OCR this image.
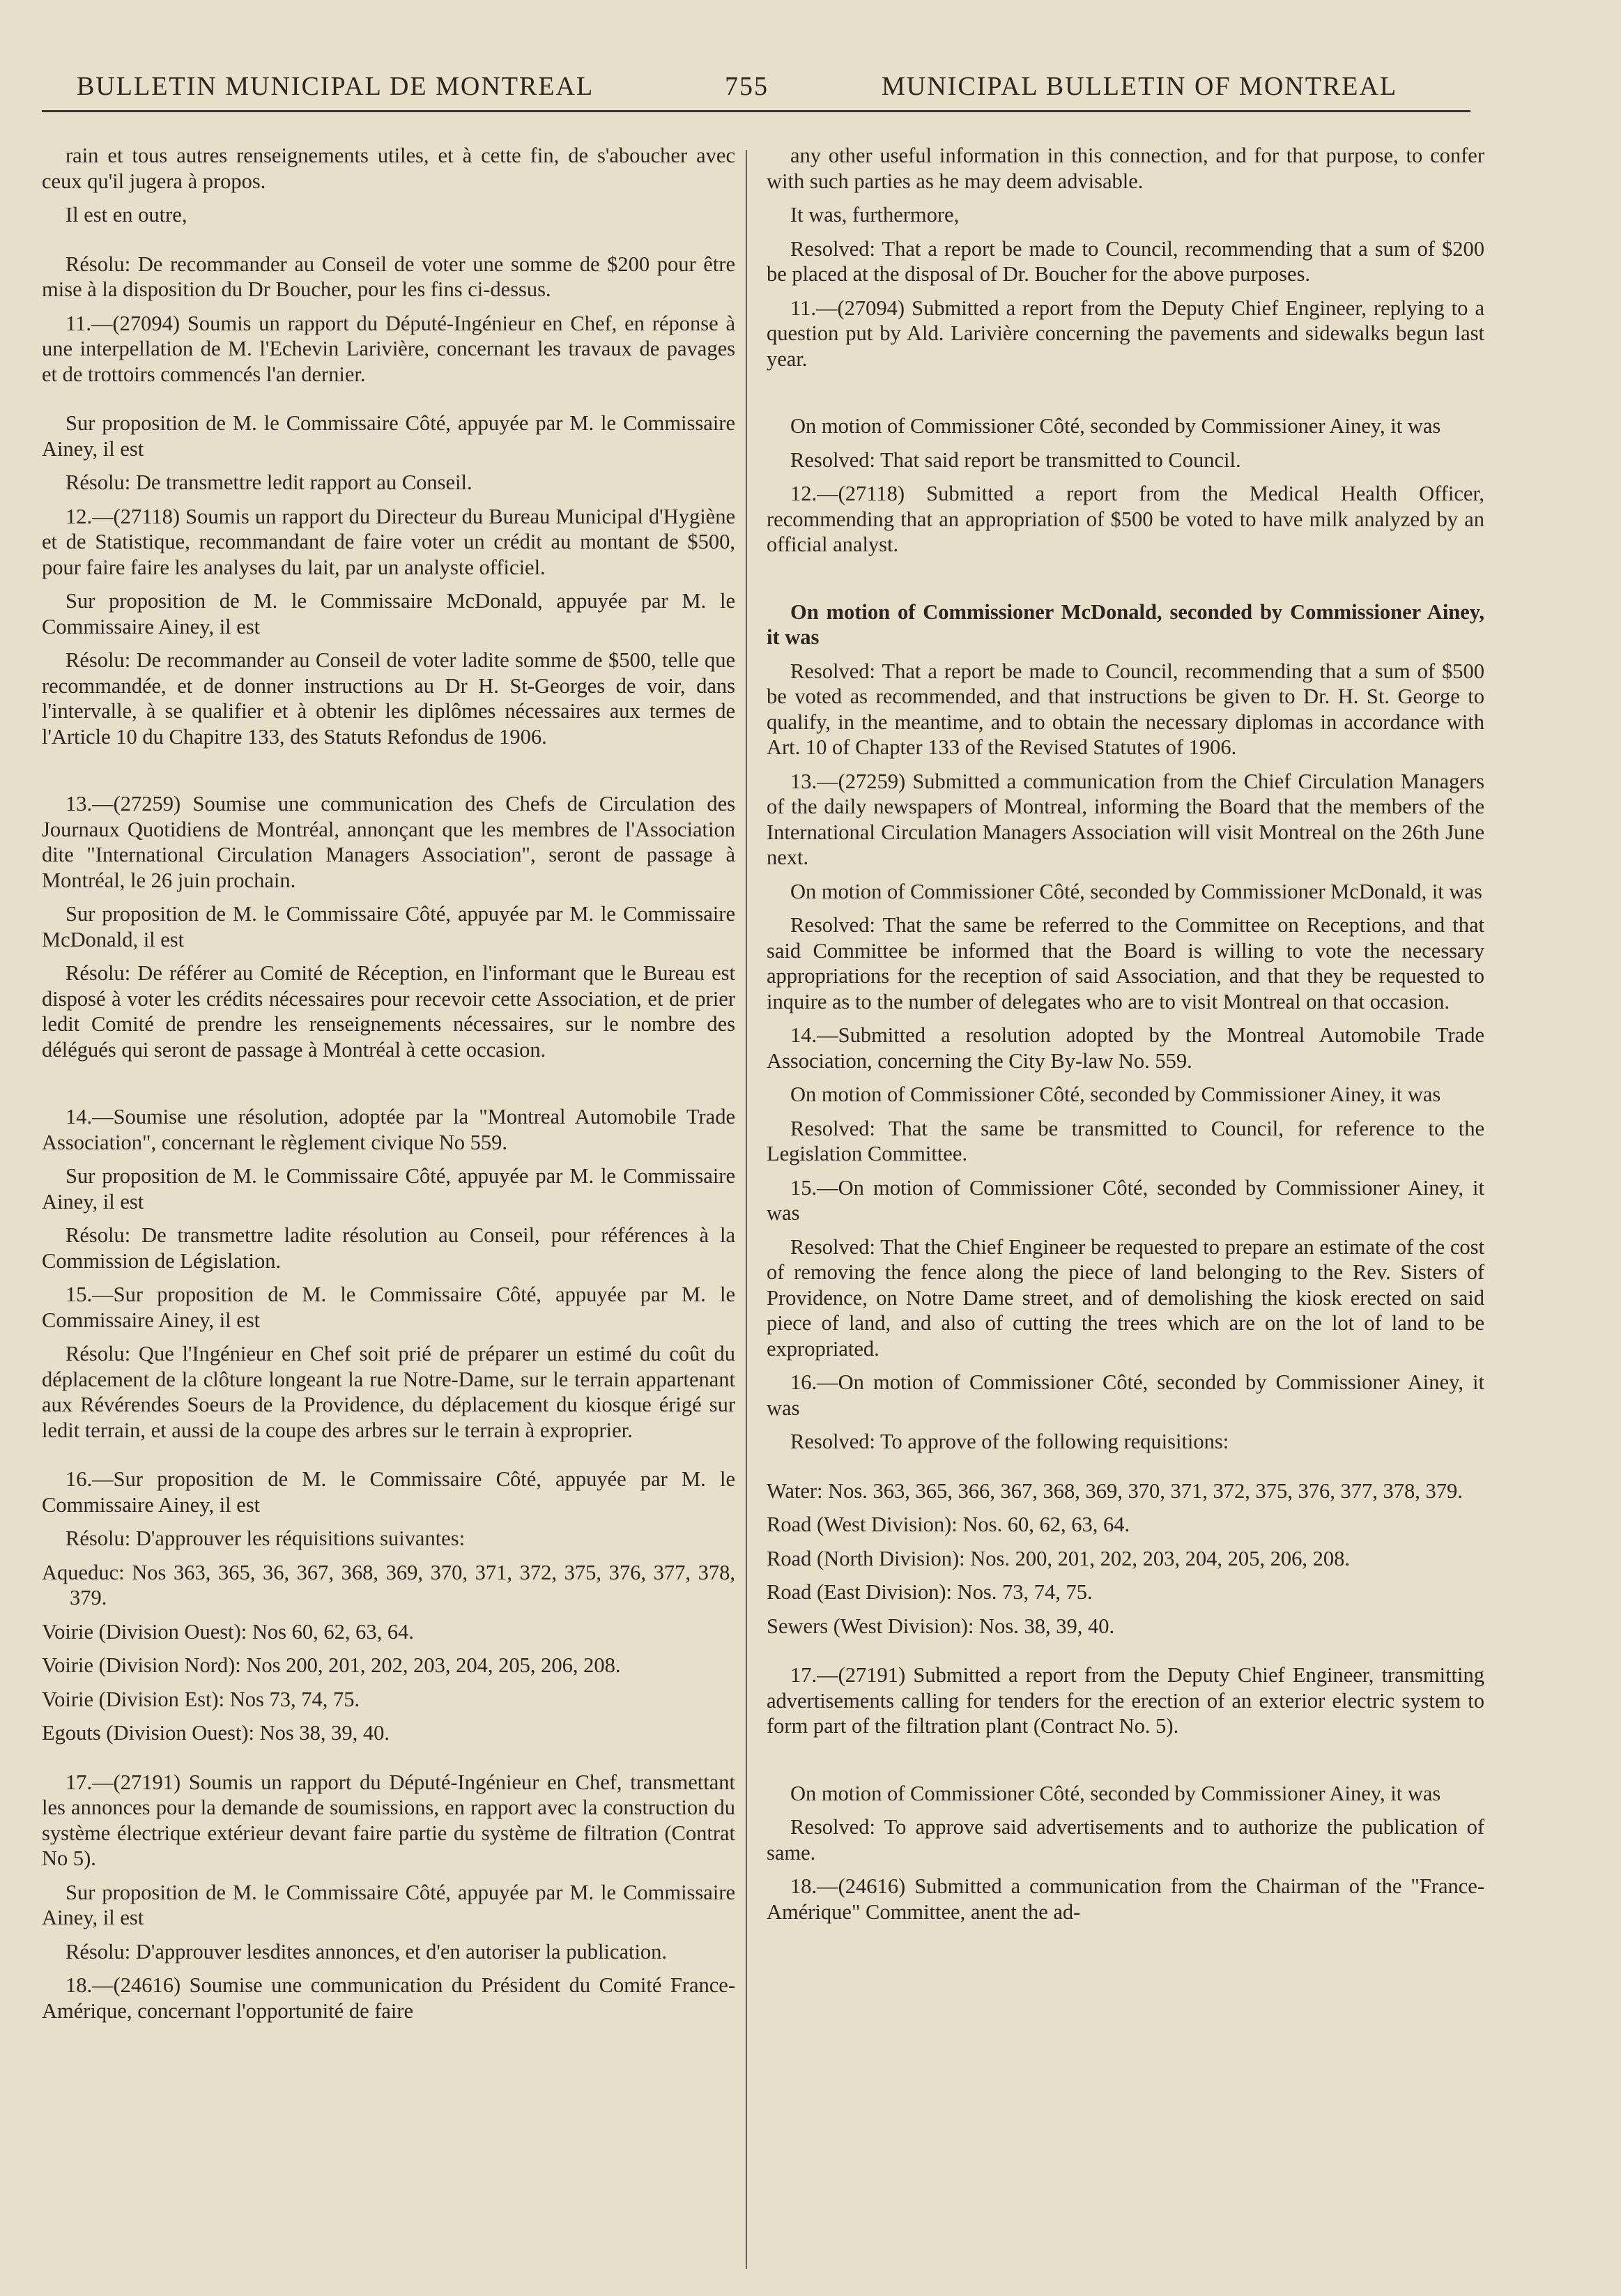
BULLETIN MUNICIPAL DE MONTREAL	755	MUNICIPAL BULLETIN OF MONTREAL

rain et tous autres renseignements utiles, et à cette fin, de s'aboucher avec ceux qu'il jugera à propos.

Il est en outre,

Résolu: De recommander au Conseil de voter une somme de $200 pour être mise à la disposition du Dr Boucher, pour les fins ci-dessus.

11.—(27094) Soumis un rapport du Député-Ingénieur en Chef, en réponse à une interpellation de M. l'Echevin Larivière, concernant les travaux de pavages et de trottoirs commencés l'an dernier.

Sur proposition de M. le Commissaire Côté, appuyée par M. le Commissaire Ainey, il est

Résolu: De transmettre ledit rapport au Conseil.

12.—(27118) Soumis un rapport du Directeur du Bureau Municipal d'Hygiène et de Statistique, recommandant de faire voter un crédit au montant de $500, pour faire faire les analyses du lait, par un analyste officiel.

Sur proposition de M. le Commissaire McDonald, appuyée par M. le Commissaire Ainey, il est

Résolu: De recommander au Conseil de voter ladite somme de $500, telle que recommandée, et de donner instructions au Dr H. St-Georges de voir, dans l'intervalle, à se qualifier et à obtenir les diplômes nécessaires aux termes de l'Article 10 du Chapitre 133, des Statuts Refondus de 1906.

13.—(27259) Soumise une communication des Chefs de Circulation des Journaux Quotidiens de Montréal, annonçant que les membres de l'Association dite "International Circulation Managers Association", seront de passage à Montréal, le 26 juin prochain.

Sur proposition de M. le Commissaire Côté, appuyée par M. le Commissaire McDonald, il est

Résolu: De référer au Comité de Réception, en l'informant que le Bureau est disposé à voter les crédits nécessaires pour recevoir cette Association, et de prier ledit Comité de prendre les renseignements nécessaires, sur le nombre des délégués qui seront de passage à Montréal à cette occasion.

14.—Soumise une résolution, adoptée par la "Montreal Automobile Trade Association", concernant le règlement civique No 559.

Sur proposition de M. le Commissaire Côté, appuyée par M. le Commissaire Ainey, il est

Résolu: De transmettre ladite résolution au Conseil, pour références à la Commission de Législation.

15.—Sur proposition de M. le Commissaire Côté, appuyée par M. le Commissaire Ainey, il est

Résolu: Que l'Ingénieur en Chef soit prié de préparer un estimé du coût du déplacement de la clôture longeant la rue Notre-Dame, sur le terrain appartenant aux Révérendes Soeurs de la Providence, du déplacement du kiosque érigé sur ledit terrain, et aussi de la coupe des arbres sur le terrain à exproprier.

16.—Sur proposition de M. le Commissaire Côté, appuyée par M. le Commissaire Ainey, il est

Résolu: D'approuver les réquisitions suivantes:

Aqueduc: Nos 363, 365, 36, 367, 368, 369, 370, 371, 372, 375, 376, 377, 378, 379.

Voirie (Division Ouest): Nos 60, 62, 63, 64.

Voirie (Division Nord): Nos 200, 201, 202, 203, 204, 205, 206, 208.

Voirie (Division Est): Nos 73, 74, 75.

Egouts (Division Ouest): Nos 38, 39, 40.

17.—(27191) Soumis un rapport du Député-Ingénieur en Chef, transmettant les annonces pour la demande de soumissions, en rapport avec la construction du système électrique extérieur devant faire partie du système de filtration (Contrat No 5).

Sur proposition de M. le Commissaire Côté, appuyée par M. le Commissaire Ainey, il est

Résolu: D'approuver lesdites annonces, et d'en autoriser la publication.

18.—(24616) Soumise une communication du Président du Comité France-Amérique, concernant l'opportunité de faire

any other useful information in this connection, and for that purpose, to confer with such parties as he may deem advisable.

It was, furthermore,

Resolved: That a report be made to Council, recommending that a sum of $200 be placed at the disposal of Dr. Boucher for the above purposes.

11.—(27094) Submitted a report from the Deputy Chief Engineer, replying to a question put by Ald. Larivière concerning the pavements and sidewalks begun last year.

On motion of Commissioner Côté, seconded by Commissioner Ainey, it was

Resolved: That said report be transmitted to Council.

12.—(27118) Submitted a report from the Medical Health Officer, recommending that an appropriation of $500 be voted to have milk analyzed by an official analyst.

On motion of Commissioner McDonald, seconded by Commissioner Ainey, it was

Resolved: That a report be made to Council, recommending that a sum of $500 be voted as recommended, and that instructions be given to Dr. H. St. George to qualify, in the meantime, and to obtain the necessary diplomas in accordance with Art. 10 of Chapter 133 of the Revised Statutes of 1906.

13.—(27259) Submitted a communication from the Chief Circulation Managers of the daily newspapers of Montreal, informing the Board that the members of the International Circulation Managers Association will visit Montreal on the 26th June next.

On motion of Commissioner Côté, seconded by Commissioner McDonald, it was

Resolved: That the same be referred to the Committee on Receptions, and that said Committee be informed that the Board is willing to vote the necessary appropriations for the reception of said Association, and that they be requested to inquire as to the number of delegates who are to visit Montreal on that occasion.

14.—Submitted a resolution adopted by the Montreal Automobile Trade Association, concerning the City By-law No. 559.

On motion of Commissioner Côté, seconded by Commissioner Ainey, it was

Resolved: That the same be transmitted to Council, for reference to the Legislation Committee.

15.—On motion of Commissioner Côté, seconded by Commissioner Ainey, it was

Resolved: That the Chief Engineer be requested to prepare an estimate of the cost of removing the fence along the piece of land belonging to the Rev. Sisters of Providence, on Notre Dame street, and of demolishing the kiosk erected on said piece of land, and also of cutting the trees which are on the lot of land to be expropriated.

16.—On motion of Commissioner Côté, seconded by Commissioner Ainey, it was

Resolved: To approve of the following requisitions:

Water: Nos. 363, 365, 366, 367, 368, 369, 370, 371, 372, 375, 376, 377, 378, 379.

Road (West Division): Nos. 60, 62, 63, 64.

Road (North Division): Nos. 200, 201, 202, 203, 204, 205, 206, 208.

Road (East Division): Nos. 73, 74, 75.

Sewers (West Division): Nos. 38, 39, 40.

17.—(27191) Submitted a report from the Deputy Chief Engineer, transmitting advertisements calling for tenders for the erection of an exterior electric system to form part of the filtration plant (Contract No. 5).

On motion of Commissioner Côté, seconded by Commissioner Ainey, it was

Resolved: To approve said advertisements and to authorize the publication of same.

18.—(24616) Submitted a communication from the Chairman of the "France-Amérique" Committee, anent the ad-
